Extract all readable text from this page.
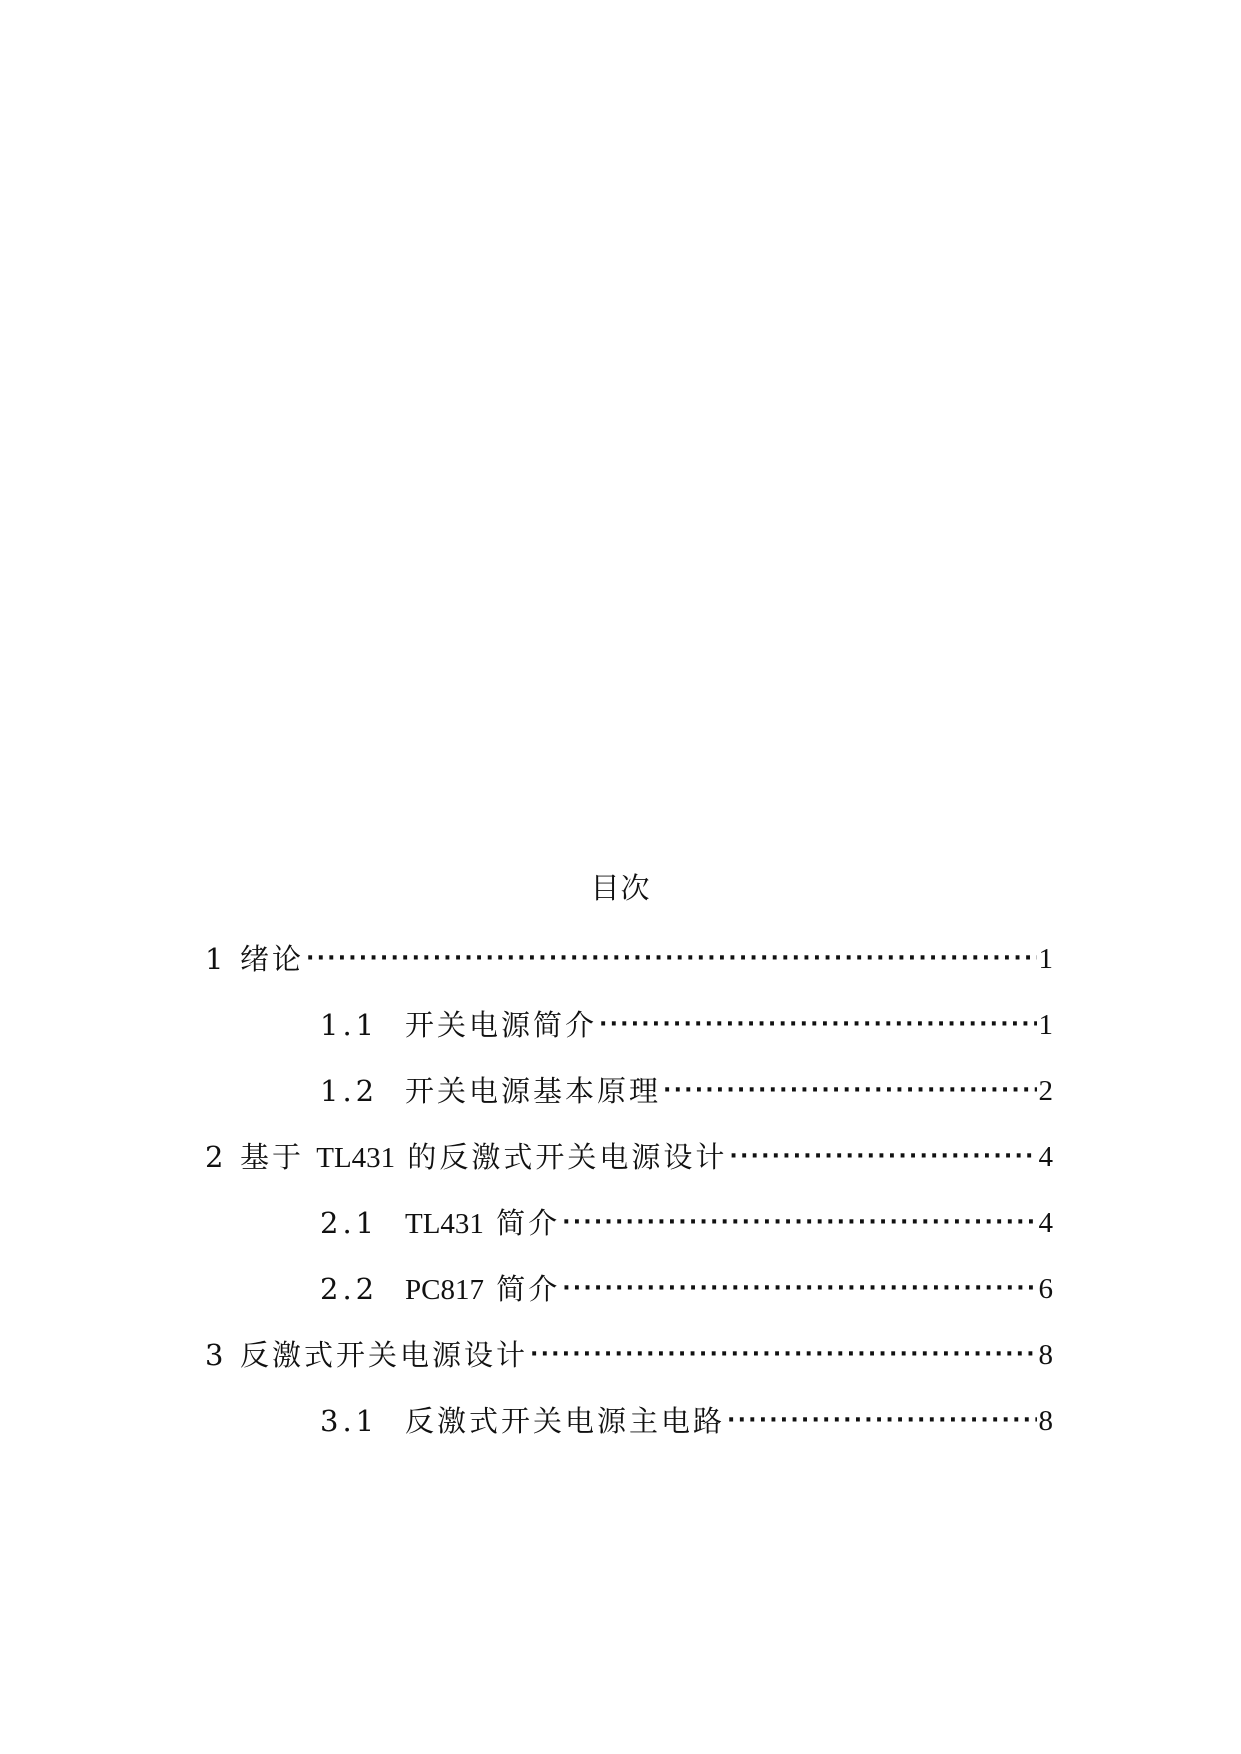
目次
1 绪论 ·····	1
1.1 开关电源简介 ·····	1
1.2 开关电源基本原理 ·····	2
2 基于 TL431 的反激式开关电源设计 ·····	4
2.1 TL431 简介 ·····	4
2.2 PC817 简介 ·····	6
3 反激式开关电源设计 ·····	8
3.1 反激式开关电源主电路 ·····	8
